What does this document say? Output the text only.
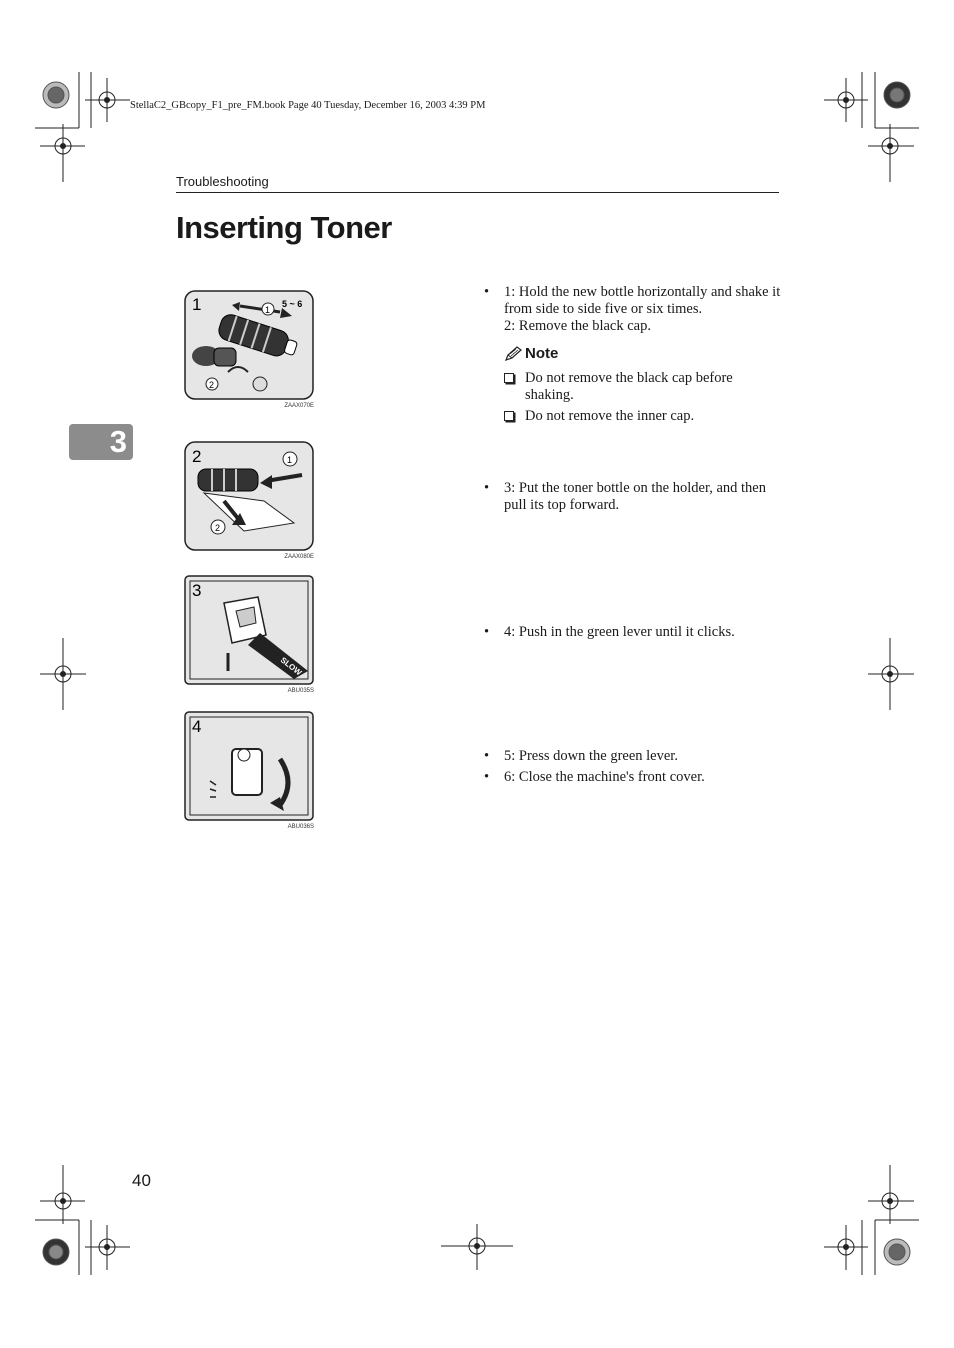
StellaC2_GBcopy_F1_pre_FM.book Page 40 Tuesday, December 16, 2003 4:39 PM
Troubleshooting
Inserting Toner
3
1	1
5 ~ 6
2
ZAAX070E
2	1
2
ZAAX080E
3
SLOW
ABU035S
4
ABU036S
• 1: Hold the new bottle horizontally and shake it from side to side five or six times.
2: Remove the black cap.
Note
Do not remove the black cap before shaking.
Do not remove the inner cap.
• 3: Put the toner bottle on the holder, and then pull its top forward.
• 4: Push in the green lever until it clicks.
• 5: Press down the green lever.
• 6: Close the machine's front cover.
40
